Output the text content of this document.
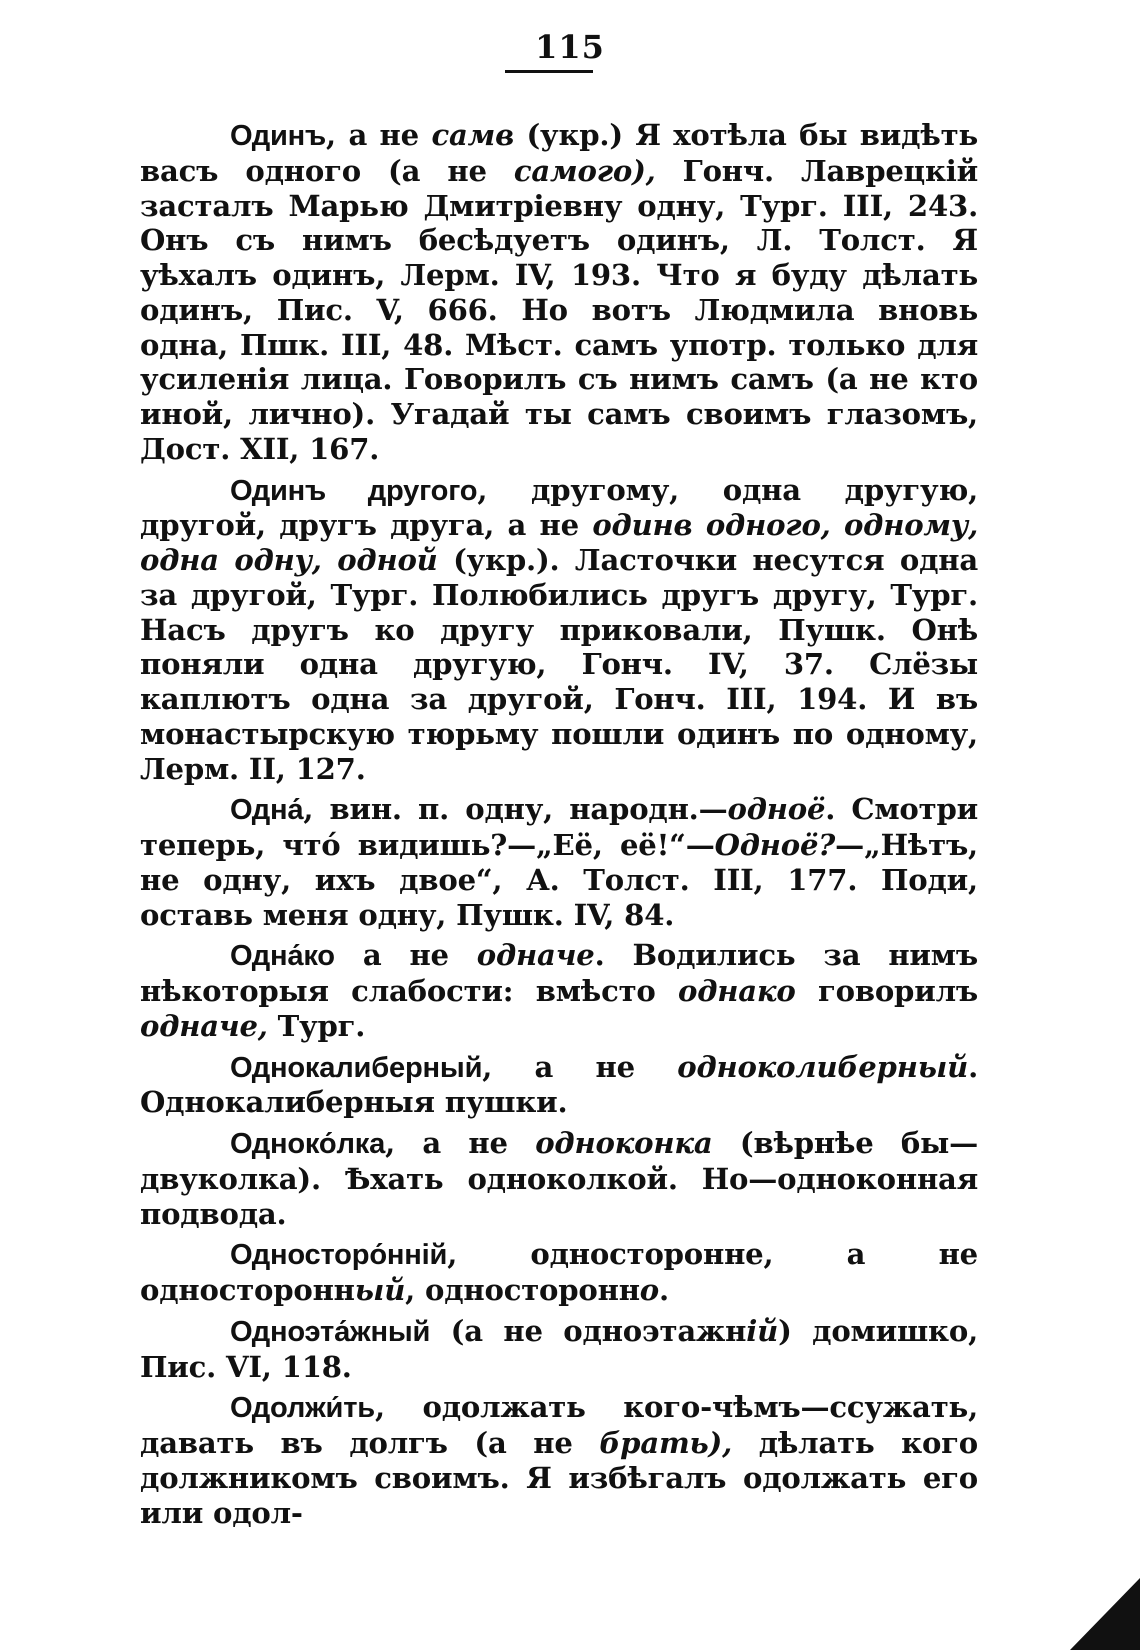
115

Одинъ, а не самв (укр.) Я хотѣла бы видѣть васъ одного (а не самого), Гонч. Лаврецкій засталъ Марью Дмитріевну одну, Тург. III, 243. Онъ съ нимъ бесѣдуетъ одинъ, Л. Толст. Я уѣхалъ одинъ, Лерм. IV, 193. Что я буду дѣлать одинъ, Пис. V, 666. Но вотъ Людмила вновь одна, Пшк. III, 48. Мѣст. самъ употр. только для усиленія лица. Говорилъ съ нимъ самъ (а не кто иной, лично). Угадай ты самъ своимъ глазомъ, Дост. XII, 167.

Одинъ другого, другому, одна другую, другой, другъ друга, а не одинв одного, одному, одна одну, одной (укр.). Ласточки несутся одна за другой, Тург. Полюбились другъ другу, Тург. Насъ другъ ко другу приковали, Пушк. Онѣ поняли одна другую, Гонч. IV, 37. Слёзы каплютъ одна за другой, Гонч. III, 194. И въ монастырскую тюрьму пошли одинъ по одному, Лерм. II, 127.

Одна́, вин. п. одну, народн.—одноё. Смотри теперь, что́ видишь?—„Её, её!“—Одноё?—„Нѣтъ, не одну, ихъ двое“, А. Толст. III, 177. Поди, оставь меня одну, Пушк. IV, 84.

Одна́ко а не одначе. Водились за нимъ нѣкоторыя слабости: вмѣсто однако говорилъ одначе, Тург.

Однокалиберный, а не одноколиберный. Однокалиберныя пушки.

Одноко́лка, а не одноконка (вѣрнѣе бы— двуколка). Ѣхать одноколкой. Но—одноконная подвода.

Односторо́нній, односторонне, а не односторонный, односторонно.

Одноэта́жный (а не одноэтажній) домишко, Пис. VI, 118.

Одолжи́ть, одолжать кого-чѣмъ—ссужать, давать въ долгъ (а не брать), дѣлать кого должникомъ своимъ. Я избѣгалъ одолжать его или одол-
